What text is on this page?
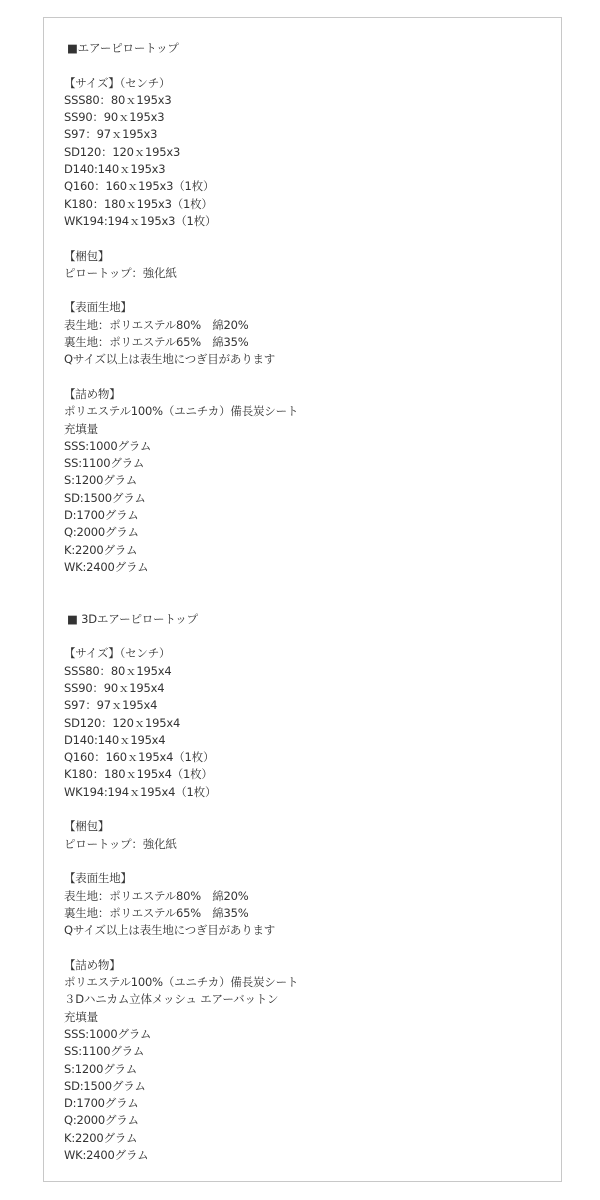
■エアーピロートップ
【サイズ】（センチ）
SSS80：80ｘ195x3
SS90：90ｘ195x3
S97：97ｘ195x3
SD120：120ｘ195x3
D140:140ｘ195x3
Q160：160ｘ195x3（1枚）
K180：180ｘ195x3（1枚）
WK194:194ｘ195x3（1枚）
【梱包】
ピロートップ：強化紙
【表面生地】
表生地：ポリエステル80%　綿20%
裏生地：ポリエステル65%　綿35%
Qサイズ以上は表生地につぎ目があります
【詰め物】
ポリエステル100%（ユニチカ）備長炭シート
充填量
SSS:1000グラム
SS:1100グラム
S:1200グラム
SD:1500グラム
D:1700グラム
Q:2000グラム
K:2200グラム
WK:2400グラム
■ 3Dエアーピロートップ
【サイズ】（センチ）
SSS80：80ｘ195x4
SS90：90ｘ195x4
S97：97ｘ195x4
SD120：120ｘ195x4
D140:140ｘ195x4
Q160：160ｘ195x4（1枚）
K180：180ｘ195x4（1枚）
WK194:194ｘ195x4（1枚）
【梱包】
ピロートップ：強化紙
【表面生地】
表生地：ポリエステル80%　綿20%
裏生地：ポリエステル65%　綿35%
Qサイズ以上は表生地につぎ目があります
【詰め物】
ポリエステル100%（ユニチカ）備長炭シート
３Dハニカム立体メッシュ エアーバットン
充填量
SSS:1000グラム
SS:1100グラム
S:1200グラム
SD:1500グラム
D:1700グラム
Q:2000グラム
K:2200グラム
WK:2400グラム
